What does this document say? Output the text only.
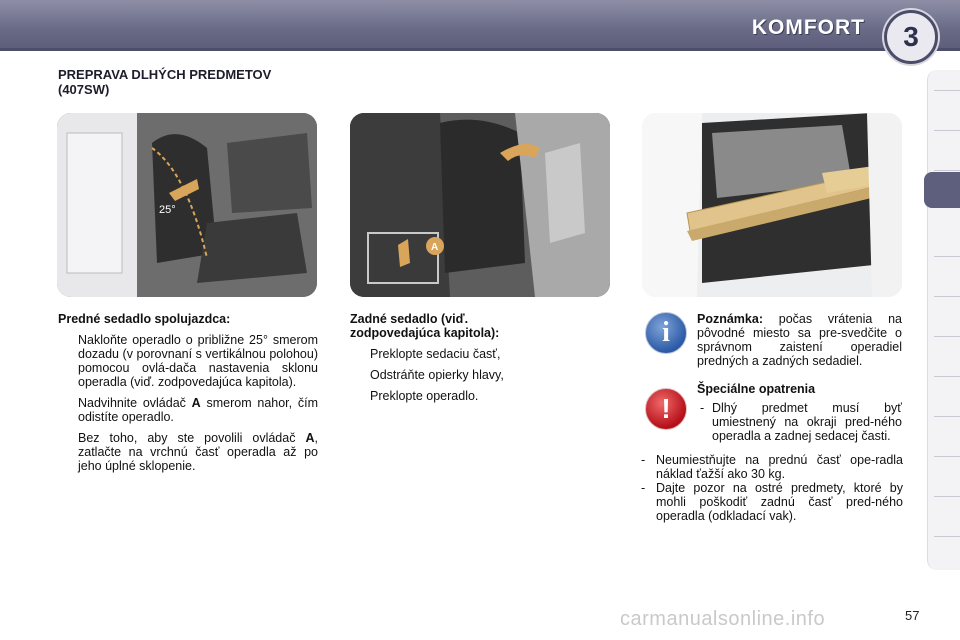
KOMFORT	3
PREPRAVA DLHÝCH PREDMETOV (407SW)
25°
A
Predné sedadlo spolujazdca:
Nakloňte operadlo o približne 25° smerom dozadu (v porovnaní s vertikálnou polohou) pomocou ovlá-dača nastavenia sklonu operadla (viď. zodpovedajúca kapitola).
Nadvihnite ovládač A smerom nahor, čím odistíte operadlo.
Bez toho, aby ste povolili ovládač A, zatlačte na vrchnú časť operadla až po jeho úplné sklopenie.
Zadné sedadlo (viď. zodpovedajúca kapitola):
Preklopte sedaciu časť,
Odstráňte opierky hlavy,
Preklopte operadlo.
i	Poznámka: počas vrátenia na pôvodné miesto sa pre-svedčite o správnom zaistení operadiel predných a zadných sedadiel.
!
Špeciálne opatrenia
- Dlhý predmet musí byť umiestnený na okraji pred-ného operadla a zadnej sedacej časti.
- Neumiestňujte na prednú časť ope-radla náklad ťažší ako 30 kg.
- Dajte pozor na ostré predmety, ktoré by mohli poškodiť zadnú časť pred-ného operadla (odkladací vak).
carmanualsonline.info	57
